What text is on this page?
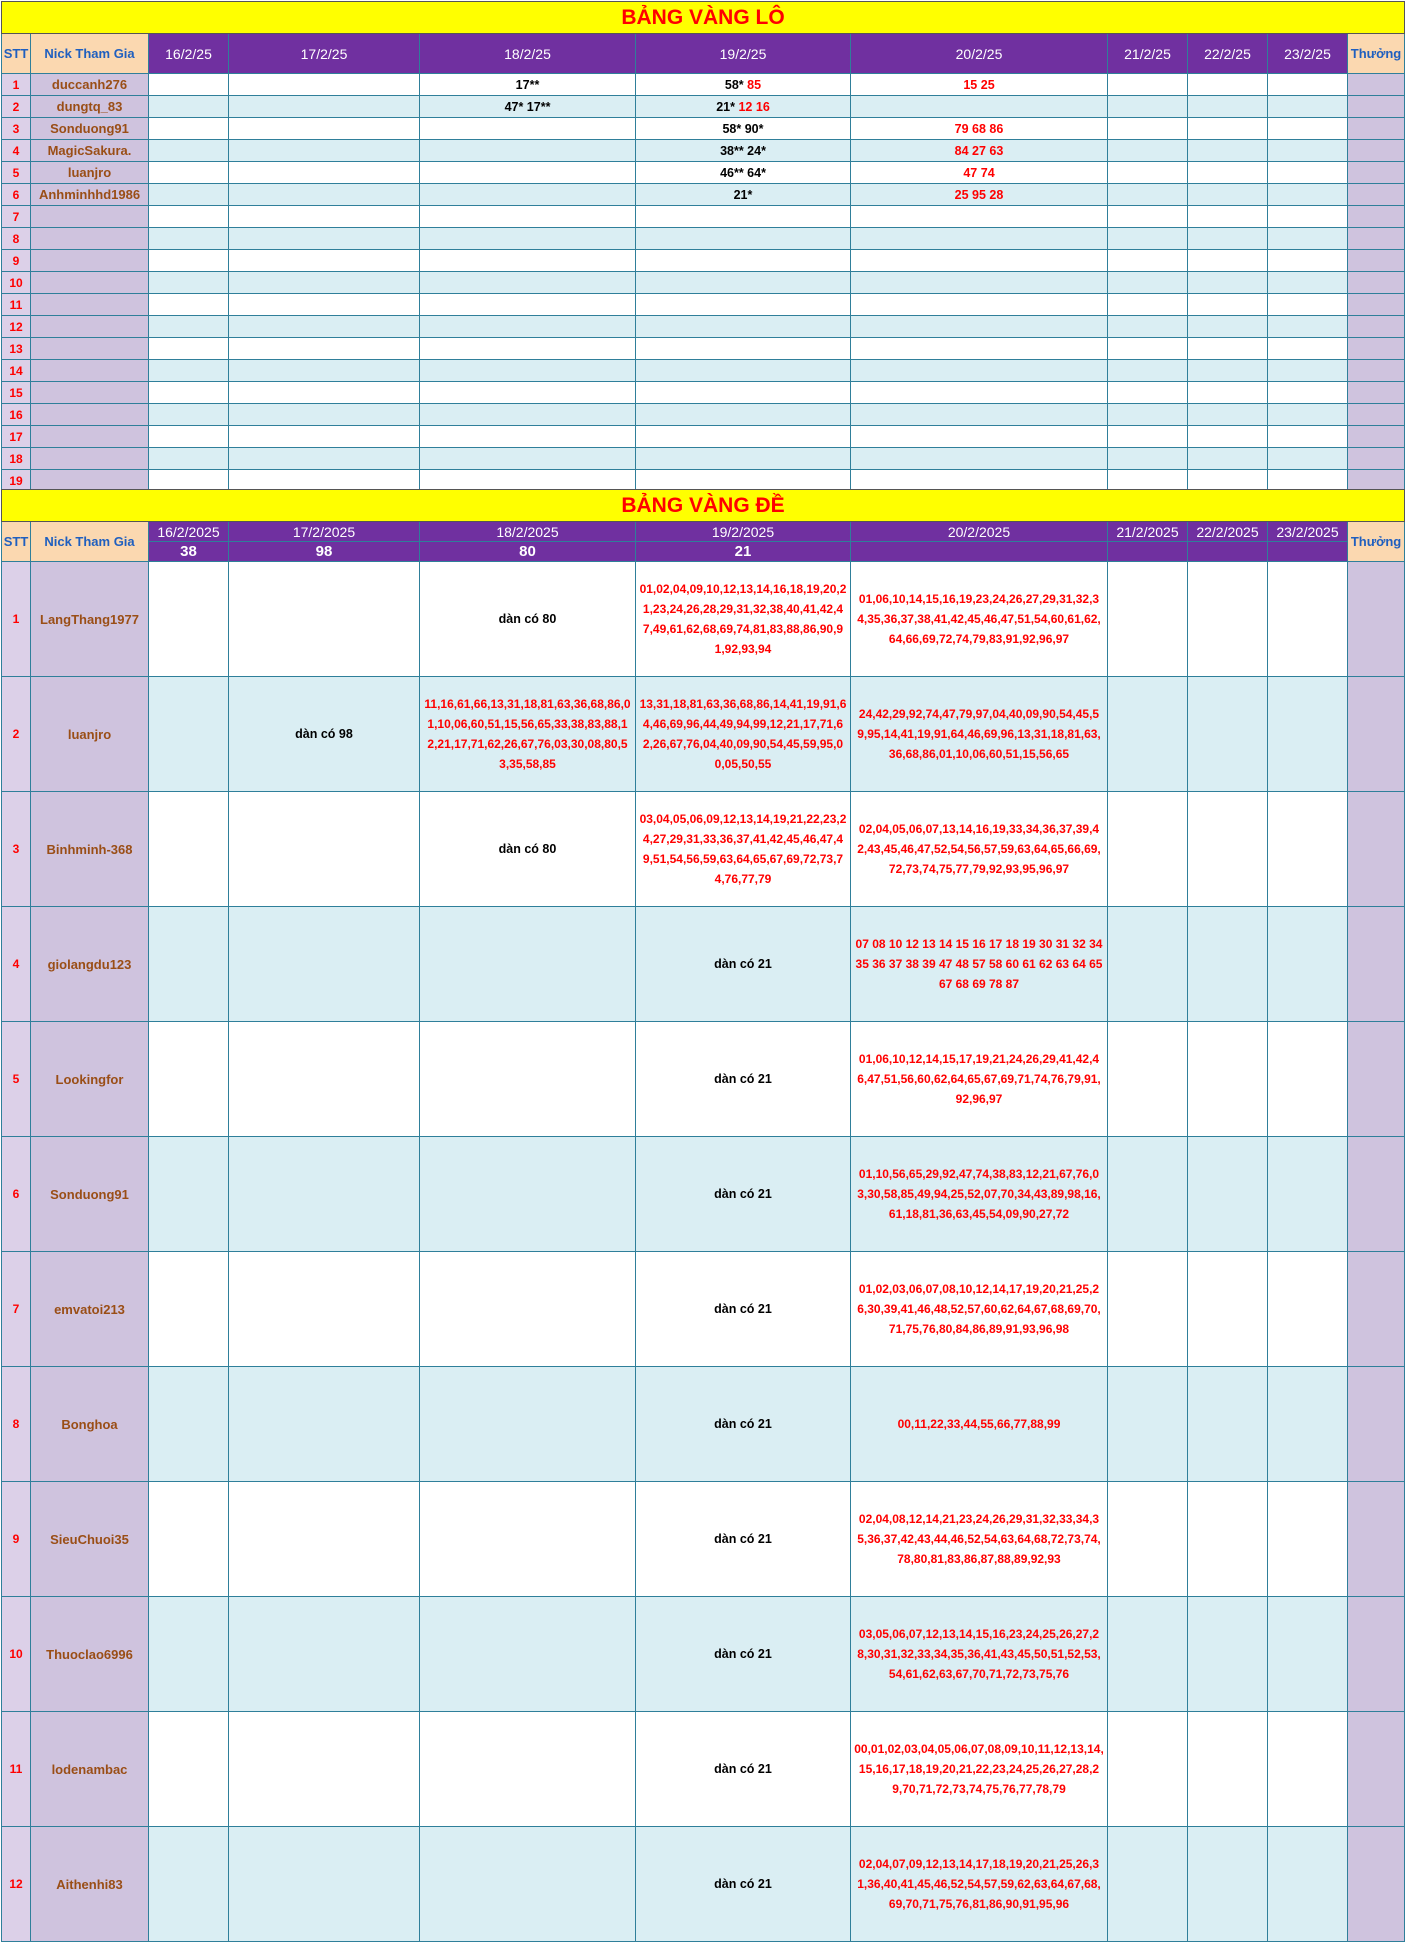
BẢNG VÀNG LÔ										
STT	Nick Tham Gia	16/2/25	17/2/25	18/2/25	19/2/25	20/2/25	21/2/25	22/2/25	23/2/25	Thưởng
1	duccanh276			17**	58* 85	15 25				
2	dungtq_83			47* 17**	21* 12 16					
3	Sonduong91				58* 90*	79 68 86				
4	MagicSakura.				38** 24*	84 27 63				
5	luanjro				46** 64*	47 74				
6	Anhminhhd1986				21*	25 95 28				
7										
8										
9										
10										
11										
12										
13										
14										
15										
16										
17										
18										
19										
BẢNG VÀNG ĐỀ										
STT	Nick Tham Gia	16/2/2025	17/2/2025	18/2/2025	19/2/2025	20/2/2025	21/2/2025	22/2/2025	23/2/2025	Thưởng
		38	98	80	21					
1	LangThang1977			dàn có 80	01,02,04,09,10,12,13,14,16,18,19,20,21,23,24,26,28,29,31,32,38,40,41,42,47,49,61,62,68,69,74,81,83,88,86,90,91,92,93,94	01,06,10,14,15,16,19,23,24,26,27,29,31,32,34,35,36,37,38,41,42,45,46,47,51,54,60,61,62,64,66,69,72,74,79,83,91,92,96,97				
2	luanjro		dàn có 98	11,16,61,66,13,31,18,81,63,36,68,86,01,10,06,60,51,15,56,65,33,38,83,88,12,21,17,71,62,26,67,76,03,30,08,80,53,35,58,85	13,31,18,81,63,36,68,86,14,41,19,91,64,46,69,96,44,49,94,99,12,21,17,71,62,26,67,76,04,40,09,90,54,45,59,95,00,05,50,55	24,42,29,92,74,47,79,97,04,40,09,90,54,45,59,95,14,41,19,91,64,46,69,96,13,31,18,81,63,36,68,86,01,10,06,60,51,15,56,65				
3	Binhminh-368			dàn có 80	03,04,05,06,09,12,13,14,19,21,22,23,24,27,29,31,33,36,37,41,42,45,46,47,49,51,54,56,59,63,64,65,67,69,72,73,74,76,77,79	02,04,05,06,07,13,14,16,19,33,34,36,37,39,42,43,45,46,47,52,54,56,57,59,63,64,65,66,69,72,73,74,75,77,79,92,93,95,96,97				
4	giolangdu123				dàn có 21	07 08 10 12 13 14 15 16 17 18 19 30 31 32 34 35 36 37 38 39 47 48 57 58 60 61 62 63 64 65 67 68 69 78 87				
5	Lookingfor				dàn có 21	01,06,10,12,14,15,17,19,21,24,26,29,41,42,46,47,51,56,60,62,64,65,67,69,71,74,76,79,91,92,96,97				
6	Sonduong91				dàn có 21	01,10,56,65,29,92,47,74,38,83,12,21,67,76,03,30,58,85,49,94,25,52,07,70,34,43,89,98,16,61,18,81,36,63,45,54,09,90,27,72				
7	emvatoi213				dàn có 21	01,02,03,06,07,08,10,12,14,17,19,20,21,25,26,30,39,41,46,48,52,57,60,62,64,67,68,69,70,71,75,76,80,84,86,89,91,93,96,98				
8	Bonghoa				dàn có 21	00,11,22,33,44,55,66,77,88,99				
9	SieuChuoi35				dàn có 21	02,04,08,12,14,21,23,24,26,29,31,32,33,34,35,36,37,42,43,44,46,52,54,63,64,68,72,73,74,78,80,81,83,86,87,88,89,92,93				
10	Thuoclao6996				dàn có 21	03,05,06,07,12,13,14,15,16,23,24,25,26,27,28,30,31,32,33,34,35,36,41,43,45,50,51,52,53,54,61,62,63,67,70,71,72,73,75,76				
11	lodenambac				dàn có 21	00,01,02,03,04,05,06,07,08,09,10,11,12,13,14,15,16,17,18,19,20,21,22,23,24,25,26,27,28,29,70,71,72,73,74,75,76,77,78,79				
12	Aithenhi83				dàn có 21	02,04,07,09,12,13,14,17,18,19,20,21,25,26,31,36,40,41,45,46,52,54,57,59,62,63,64,67,68,69,70,71,75,76,81,86,90,91,95,96				
